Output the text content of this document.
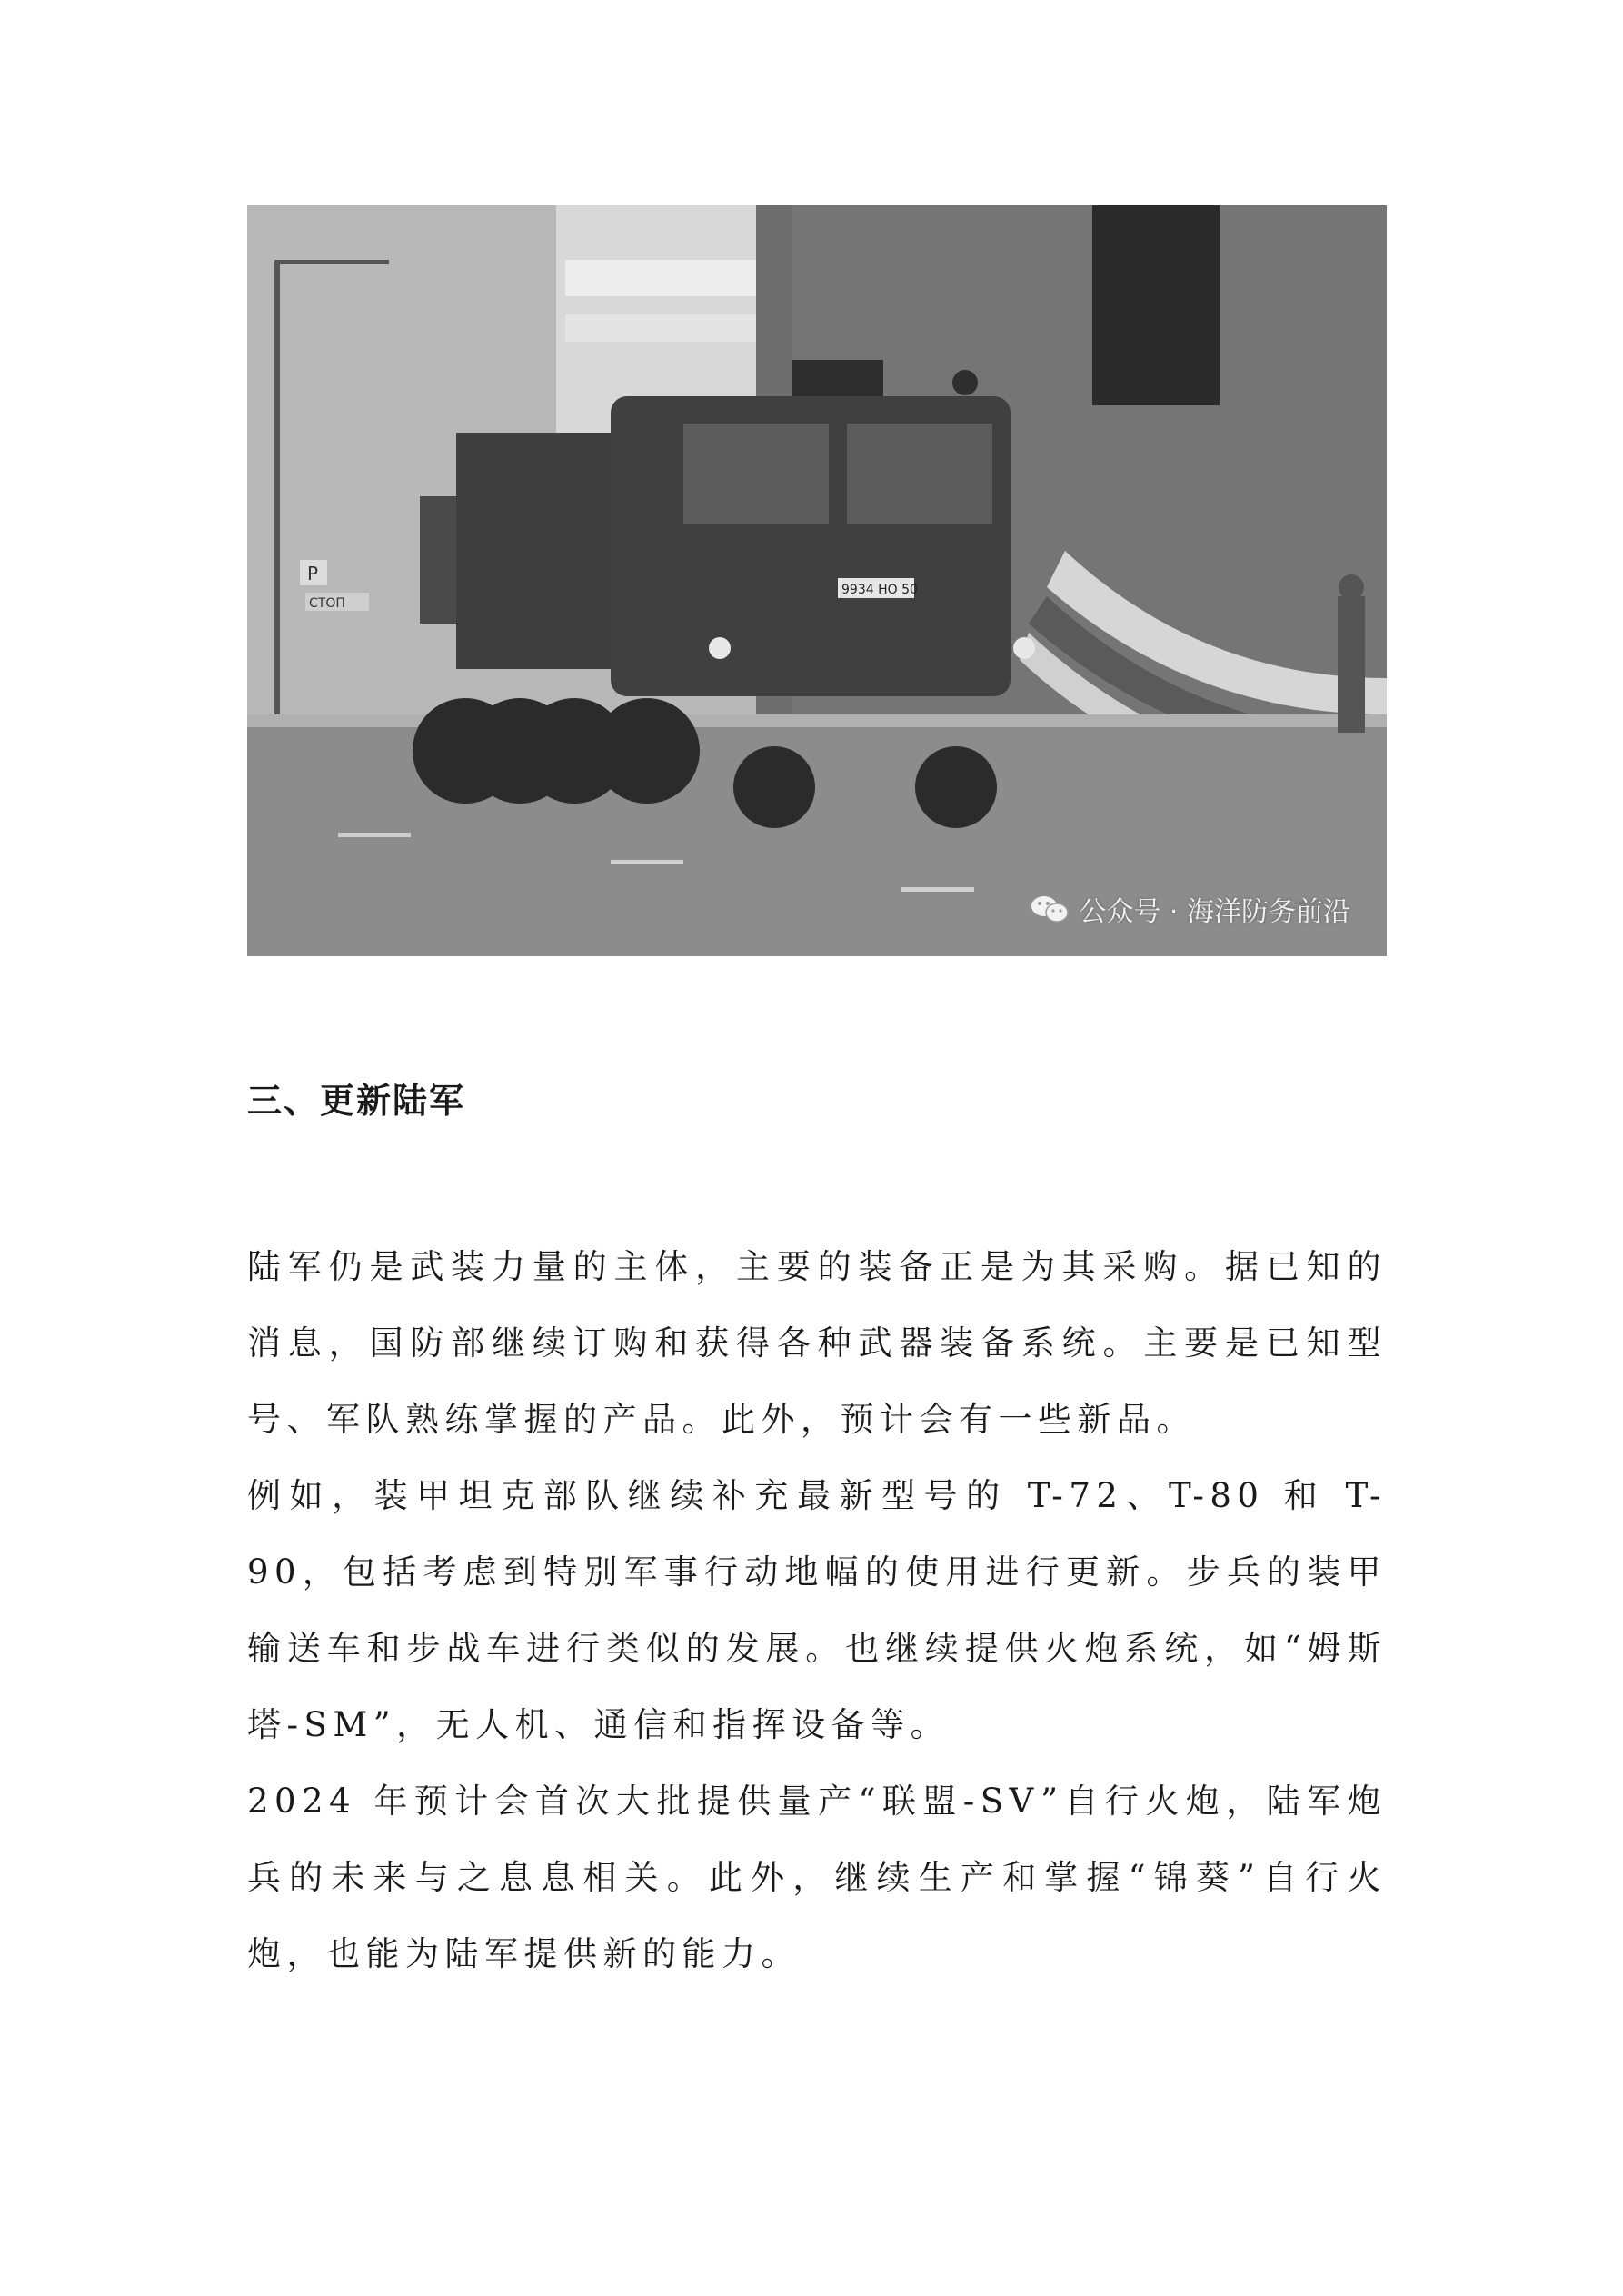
P
СТОП
9934 НО 50
公众号 · 海洋防务前沿
三、更新陆军

陆军仍是武装力量的主体，主要的装备正是为其采购。据已知的消息，国防部继续订购和获得各种武器装备系统。主要是已知型号、军队熟练掌握的产品。此外，预计会有一些新品。

例如，装甲坦克部队继续补充最新型号的 T-72、T-80 和 T-90，包括考虑到特别军事行动地幅的使用进行更新。步兵的装甲输送车和步战车进行类似的发展。也继续提供火炮系统，如“姆斯塔-SM”，无人机、通信和指挥设备等。

2024 年预计会首次大批提供量产“联盟-SV”自行火炮，陆军炮兵的未来与之息息相关。此外，继续生产和掌握“锦葵”自行火炮，也能为陆军提供新的能力。
